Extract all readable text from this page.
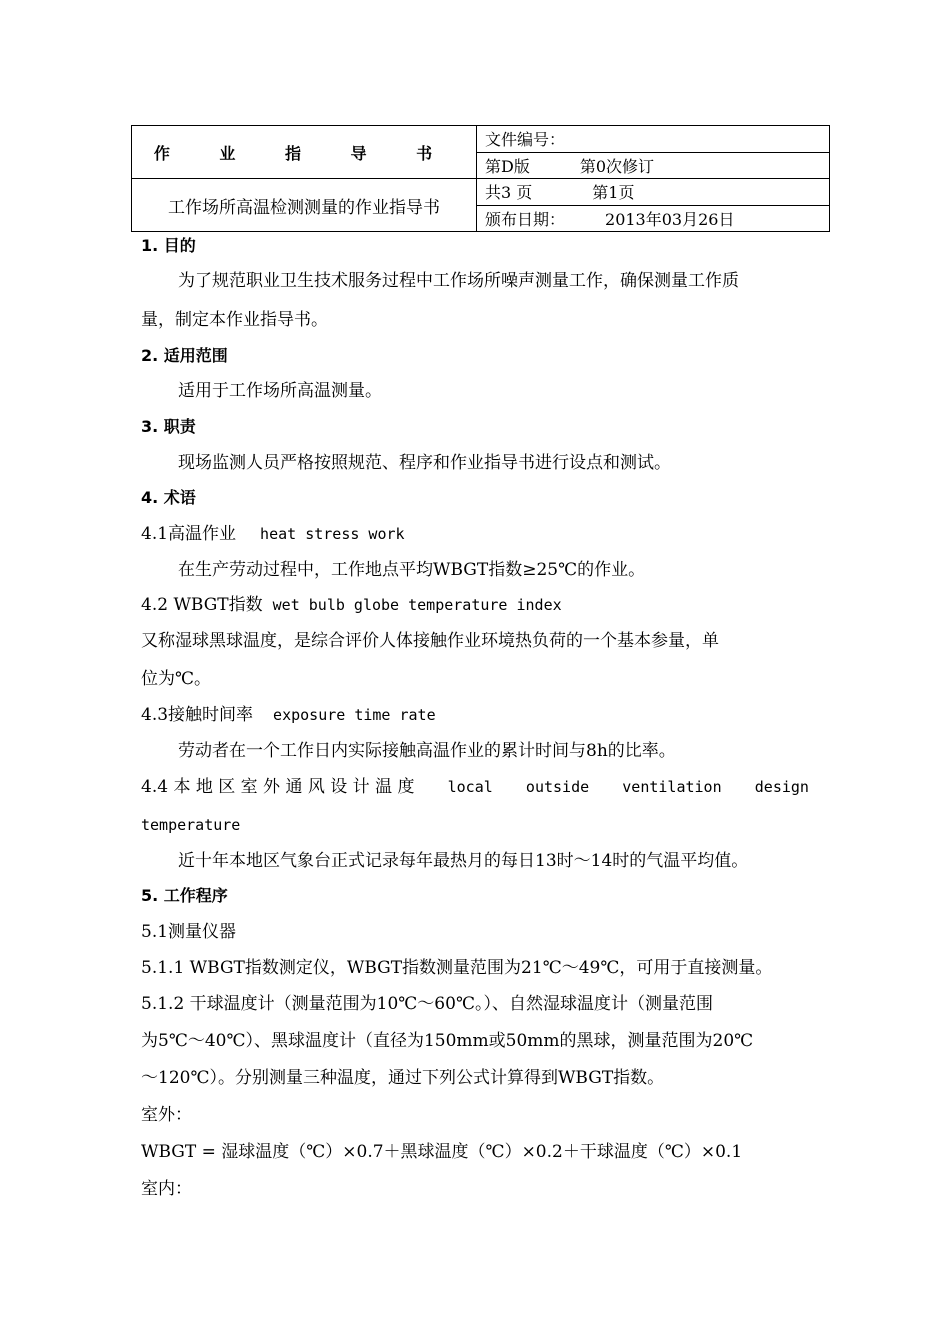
作 业 指 导 书	文件编号：
	第D版 第0次修订
工作场所高温检测测量的作业指导书	共3 页 第1页
	颁布日期： 2013年03月26日
1. 目的
为了规范职业卫生技术服务过程中工作场所噪声测量工作，确保测量工作质
量，制定本作业指导书。
2. 适用范围
适用于工作场所高温测量。
3. 职责
现场监测人员严格按照规范、程序和作业指导书进行设点和测试。
4. 术语
4.1高温作业 heat stress work
在生产劳动过程中，工作地点平均WBGT指数≥25℃的作业。
4.2 WBGT指数 wet bulb globe temperature index
又称湿球黑球温度，是综合评价人体接触作业环境热负荷的一个基本参量，单
位为℃。
4.3接触时间率 exposure time rate
劳动者在一个工作日内实际接触高温作业的累计时间与8h的比率。
4.4 本 地 区 室 外 通 风 设 计 温 度 local outside ventilation design
temperature
近十年本地区气象台正式记录每年最热月的每日13时～14时的气温平均值。
5. 工作程序
5.1测量仪器
5.1.1 WBGT指数测定仪，WBGT指数测量范围为21℃～49℃，可用于直接测量。
5.1.2 干球温度计（测量范围为10℃～60℃。）、自然湿球温度计（测量范围
为5℃～40℃）、黑球温度计（直径为150mm或50mm的黑球，测量范围为20℃
～120℃）。分别测量三种温度，通过下列公式计算得到WBGT指数。
室外：
WBGT = 湿球温度（℃）×0.7＋黑球温度（℃）×0.2＋干球温度（℃）×0.1
室内：
